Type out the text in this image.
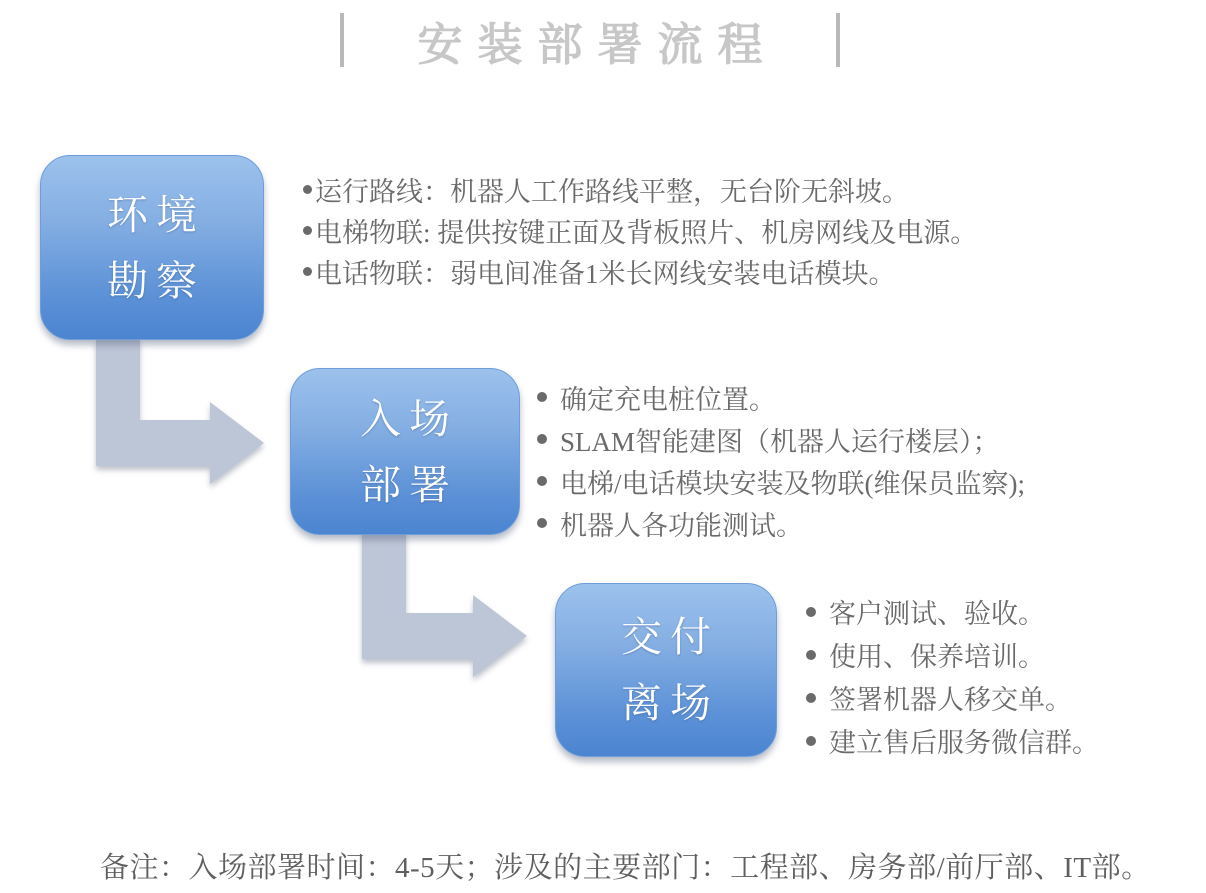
安装部署流程
环境
勘察
运行路线：机器人工作路线平整，无台阶无斜坡。
电梯物联: 提供按键正面及背板照片、机房网线及电源。
电话物联：弱电间准备1米长网线安装电话模块。
入场
部署
确定充电桩位置。
SLAM智能建图（机器人运行楼层）；
电梯/电话模块安装及物联(维保员监察);
机器人各功能测试。
交付
离场
客户测试、验收。
使用、保养培训。
签署机器人移交单。
建立售后服务微信群。
备注：入场部署时间：4-5天；涉及的主要部门：工程部、房务部/前厅部、IT部。
